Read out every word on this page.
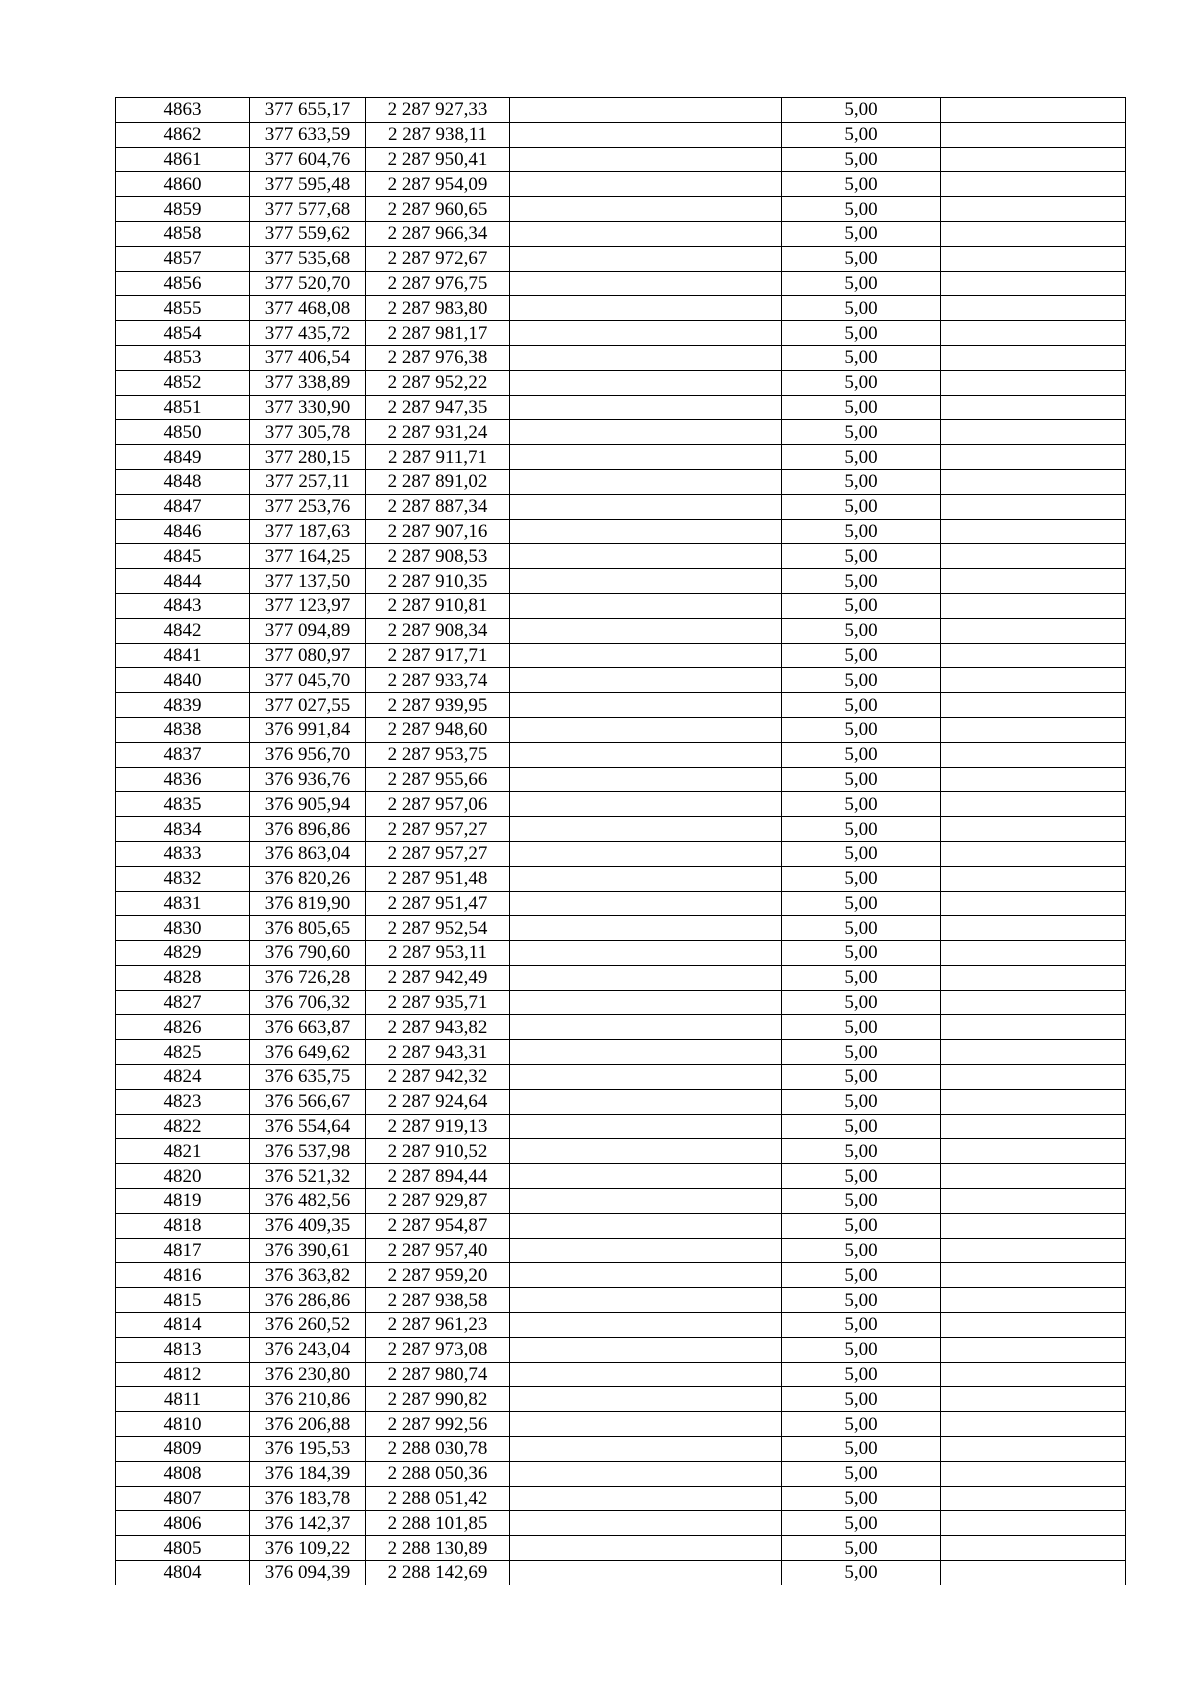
4863	377 655,17	2 287 927,33		5,00	
4862	377 633,59	2 287 938,11		5,00	
4861	377 604,76	2 287 950,41		5,00	
4860	377 595,48	2 287 954,09		5,00	
4859	377 577,68	2 287 960,65		5,00	
4858	377 559,62	2 287 966,34		5,00	
4857	377 535,68	2 287 972,67		5,00	
4856	377 520,70	2 287 976,75		5,00	
4855	377 468,08	2 287 983,80		5,00	
4854	377 435,72	2 287 981,17		5,00	
4853	377 406,54	2 287 976,38		5,00	
4852	377 338,89	2 287 952,22		5,00	
4851	377 330,90	2 287 947,35		5,00	
4850	377 305,78	2 287 931,24		5,00	
4849	377 280,15	2 287 911,71		5,00	
4848	377 257,11	2 287 891,02		5,00	
4847	377 253,76	2 287 887,34		5,00	
4846	377 187,63	2 287 907,16		5,00	
4845	377 164,25	2 287 908,53		5,00	
4844	377 137,50	2 287 910,35		5,00	
4843	377 123,97	2 287 910,81		5,00	
4842	377 094,89	2 287 908,34		5,00	
4841	377 080,97	2 287 917,71		5,00	
4840	377 045,70	2 287 933,74		5,00	
4839	377 027,55	2 287 939,95		5,00	
4838	376 991,84	2 287 948,60		5,00	
4837	376 956,70	2 287 953,75		5,00	
4836	376 936,76	2 287 955,66		5,00	
4835	376 905,94	2 287 957,06		5,00	
4834	376 896,86	2 287 957,27		5,00	
4833	376 863,04	2 287 957,27		5,00	
4832	376 820,26	2 287 951,48		5,00	
4831	376 819,90	2 287 951,47		5,00	
4830	376 805,65	2 287 952,54		5,00	
4829	376 790,60	2 287 953,11		5,00	
4828	376 726,28	2 287 942,49		5,00	
4827	376 706,32	2 287 935,71		5,00	
4826	376 663,87	2 287 943,82		5,00	
4825	376 649,62	2 287 943,31		5,00	
4824	376 635,75	2 287 942,32		5,00	
4823	376 566,67	2 287 924,64		5,00	
4822	376 554,64	2 287 919,13		5,00	
4821	376 537,98	2 287 910,52		5,00	
4820	376 521,32	2 287 894,44		5,00	
4819	376 482,56	2 287 929,87		5,00	
4818	376 409,35	2 287 954,87		5,00	
4817	376 390,61	2 287 957,40		5,00	
4816	376 363,82	2 287 959,20		5,00	
4815	376 286,86	2 287 938,58		5,00	
4814	376 260,52	2 287 961,23		5,00	
4813	376 243,04	2 287 973,08		5,00	
4812	376 230,80	2 287 980,74		5,00	
4811	376 210,86	2 287 990,82		5,00	
4810	376 206,88	2 287 992,56		5,00	
4809	376 195,53	2 288 030,78		5,00	
4808	376 184,39	2 288 050,36		5,00	
4807	376 183,78	2 288 051,42		5,00	
4806	376 142,37	2 288 101,85		5,00	
4805	376 109,22	2 288 130,89		5,00	
4804	376 094,39	2 288 142,69		5,00	
